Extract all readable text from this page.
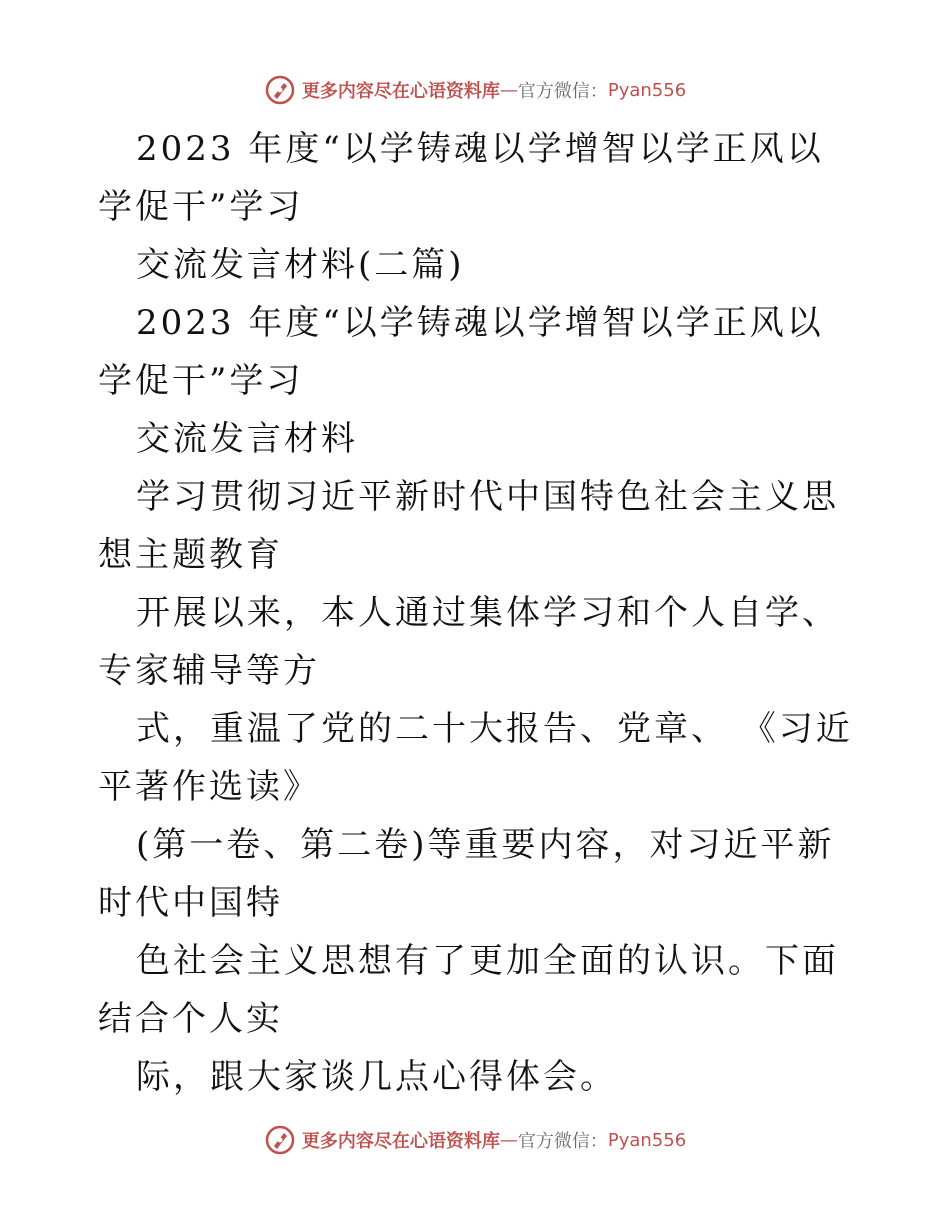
更多内容尽在心语资料库 — 官方微信： Pyan556

2023 年度“以学铸魂以学增智以学正风以学促干”学习

交流发言材料(二篇)

2023 年度“以学铸魂以学增智以学正风以学促干”学习

交流发言材料

学习贯彻习近平新时代中国特色社会主义思想主题教育

开展以来，本人通过集体学习和个人自学、专家辅导等方

式，重温了党的二十大报告、党章、 《习近平著作选读》

(第一卷、第二卷)等重要内容，对习近平新时代中国特

色社会主义思想有了更加全面的认识。下面结合个人实

际，跟大家谈几点心得体会。

更多内容尽在心语资料库 — 官方微信： Pyan556
